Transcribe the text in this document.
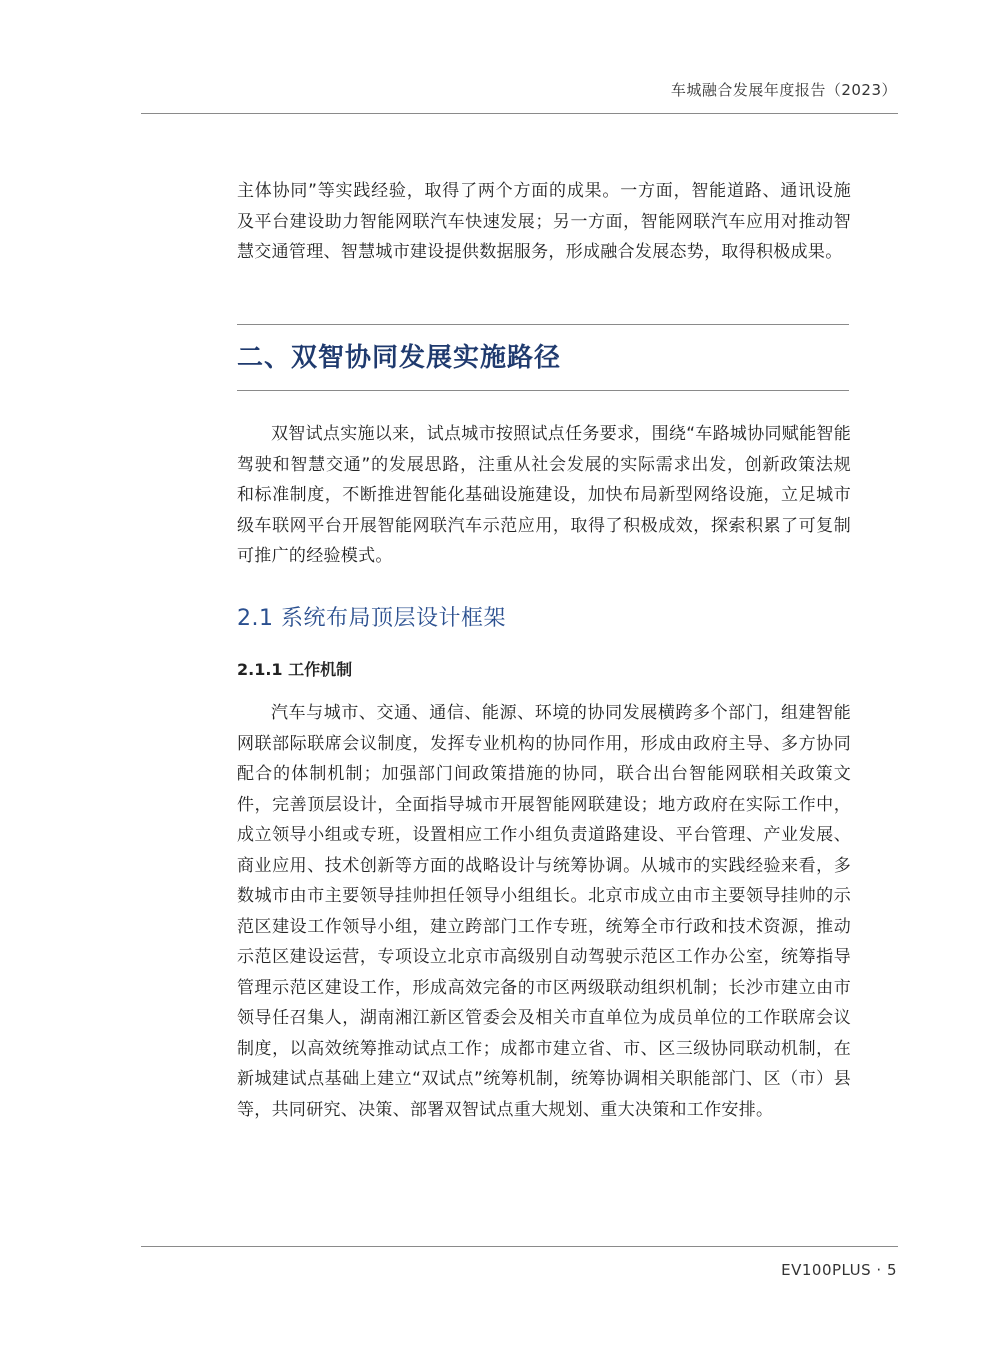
车城融合发展年度报告（2023）

主体协同”等实践经验，取得了两个方面的成果。一方面，智能道路、通讯设施及平台建设助力智能网联汽车快速发展；另一方面，智能网联汽车应用对推动智慧交通管理、智慧城市建设提供数据服务，形成融合发展态势，取得积极成果。

二、双智协同发展实施路径

双智试点实施以来，试点城市按照试点任务要求，围绕“车路城协同赋能智能驾驶和智慧交通”的发展思路，注重从社会发展的实际需求出发，创新政策法规和标准制度，不断推进智能化基础设施建设，加快布局新型网络设施，立足城市级车联网平台开展智能网联汽车示范应用，取得了积极成效，探索积累了可复制可推广的经验模式。

2.1 系统布局顶层设计框架
2.1.1 工作机制

汽车与城市、交通、通信、能源、环境的协同发展横跨多个部门，组建智能网联部际联席会议制度，发挥专业机构的协同作用，形成由政府主导、多方协同配合的体制机制；加强部门间政策措施的协同，联合出台智能网联相关政策文件，完善顶层设计，全面指导城市开展智能网联建设；地方政府在实际工作中，成立领导小组或专班，设置相应工作小组负责道路建设、平台管理、产业发展、商业应用、技术创新等方面的战略设计与统筹协调。从城市的实践经验来看，多数城市由市主要领导挂帅担任领导小组组长。北京市成立由市主要领导挂帅的示范区建设工作领导小组，建立跨部门工作专班，统筹全市行政和技术资源，推动示范区建设运营，专项设立北京市高级别自动驾驶示范区工作办公室，统筹指导管理示范区建设工作，形成高效完备的市区两级联动组织机制；长沙市建立由市领导任召集人，湖南湘江新区管委会及相关市直单位为成员单位的工作联席会议制度，以高效统筹推动试点工作；成都市建立省、市、区三级协同联动机制，在新城建试点基础上建立“双试点”统筹机制，统筹协调相关职能部门、区（市）县等，共同研究、决策、部署双智试点重大规划、重大决策和工作安排。

EV100PLUS · 5
